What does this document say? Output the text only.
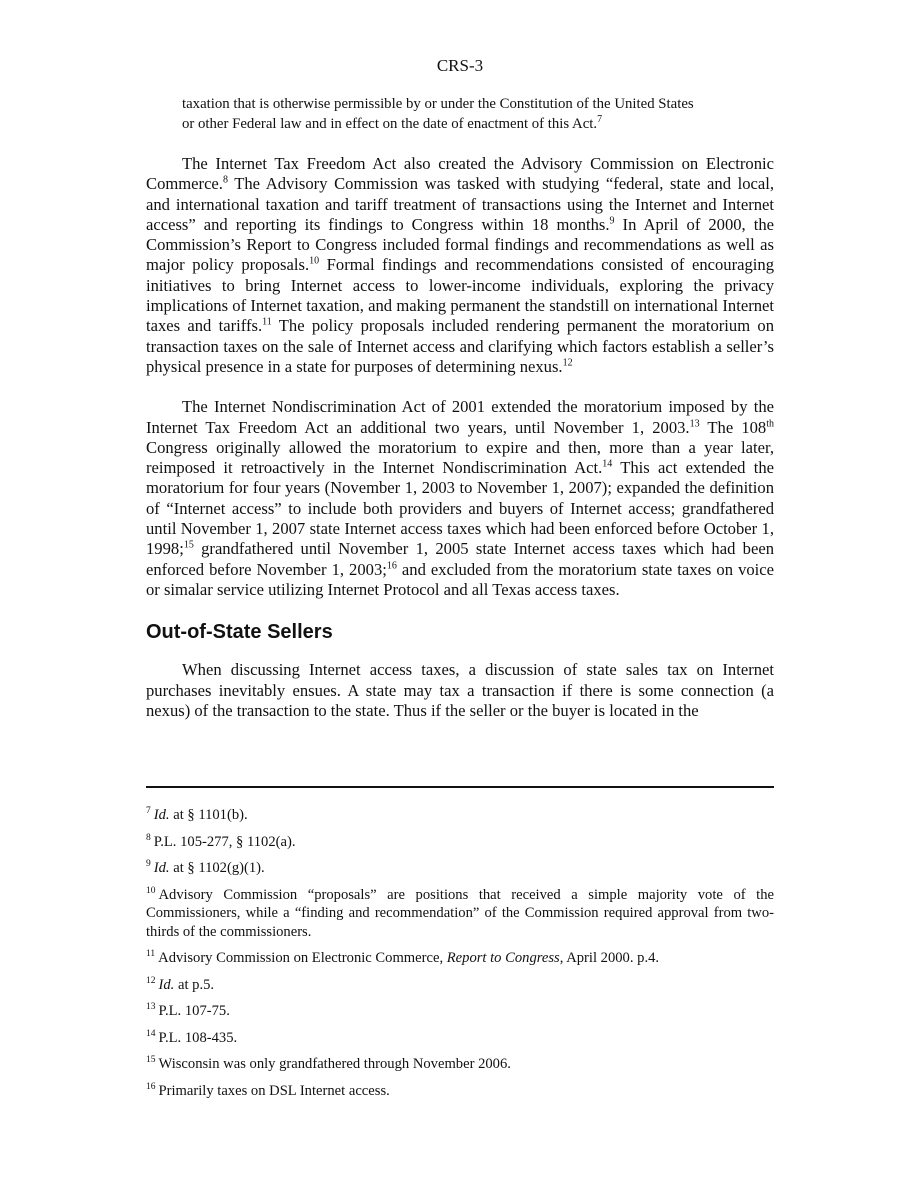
CRS-3
taxation that is otherwise permissible by or under the Constitution of the United States
or other Federal law and in effect on the date of enactment of this Act.$^7$

The Internet Tax Freedom Act also created the Advisory Commission on Electronic Commerce.$^8$ The Advisory Commission was tasked with studying “federal, state and local, and international taxation and tariff treatment of transactions using the Internet and Internet access” and reporting its findings to Congress within 18 months.$^9$ In April of 2000, the Commission’s Report to Congress included formal findings and recommendations as well as major policy proposals.$^{10}$ Formal findings and recommendations consisted of encouraging initiatives to bring Internet access to lower-income individuals, exploring the privacy implications of Internet taxation, and making permanent the standstill on international Internet taxes and tariffs.$^{11}$ The policy proposals included rendering permanent the moratorium on transaction taxes on the sale of Internet access and clarifying which factors establish a seller’s physical presence in a state for purposes of determining nexus.$^{12}$

The Internet Nondiscrimination Act of 2001 extended the moratorium imposed by the Internet Tax Freedom Act an additional two years, until November 1, 2003.13 The 108th Congress originally allowed the moratorium to expire and then, more than a year later, reimposed it retroactively in the Internet Nondiscrimination Act.$^{14}$ This act extended the moratorium for four years (November 1, 2003 to November 1, 2007); expanded the definition of “Internet access” to include both providers and buyers of Internet access; grandfathered until November 1, 2007 state Internet access taxes which had been enforced before October 1, 1998;$^{15}$ grandfathered until November 1, 2005 state Internet access taxes which had been enforced before November 1, 2003;$^{16}$ and excluded from the moratorium state taxes on voice or simalar service utilizing Internet Protocol and all Texas access taxes.

Out-of-State Sellers

When discussing Internet access taxes, a discussion of state sales tax on Internet purchases inevitably ensues. A state may tax a transaction if there is some connection (a nexus) of the transaction to the state. Thus if the seller or the buyer is located in the

$^7$ Id. at § 1101(b).
$^8$ P.L. 105-277, § 1102(a).
$^9$ Id. at § 1102(g)(1).
$^{10}$ Advisory Commission “proposals” are positions that received a simple majority vote of the Commissioners, while a “finding and recommendation” of the Commission required approval from two-thirds of the commissioners.
$^{11}$ Advisory Commission on Electronic Commerce, Report to Congress, April 2000. p.4.
$^{12}$ Id. at p.5.
$^{13}$ P.L. 107-75.
$^{14}$ P.L. 108-435.
$^{15}$ Wisconsin was only grandfathered through November 2006.
$^{16}$ Primarily taxes on DSL Internet access.
